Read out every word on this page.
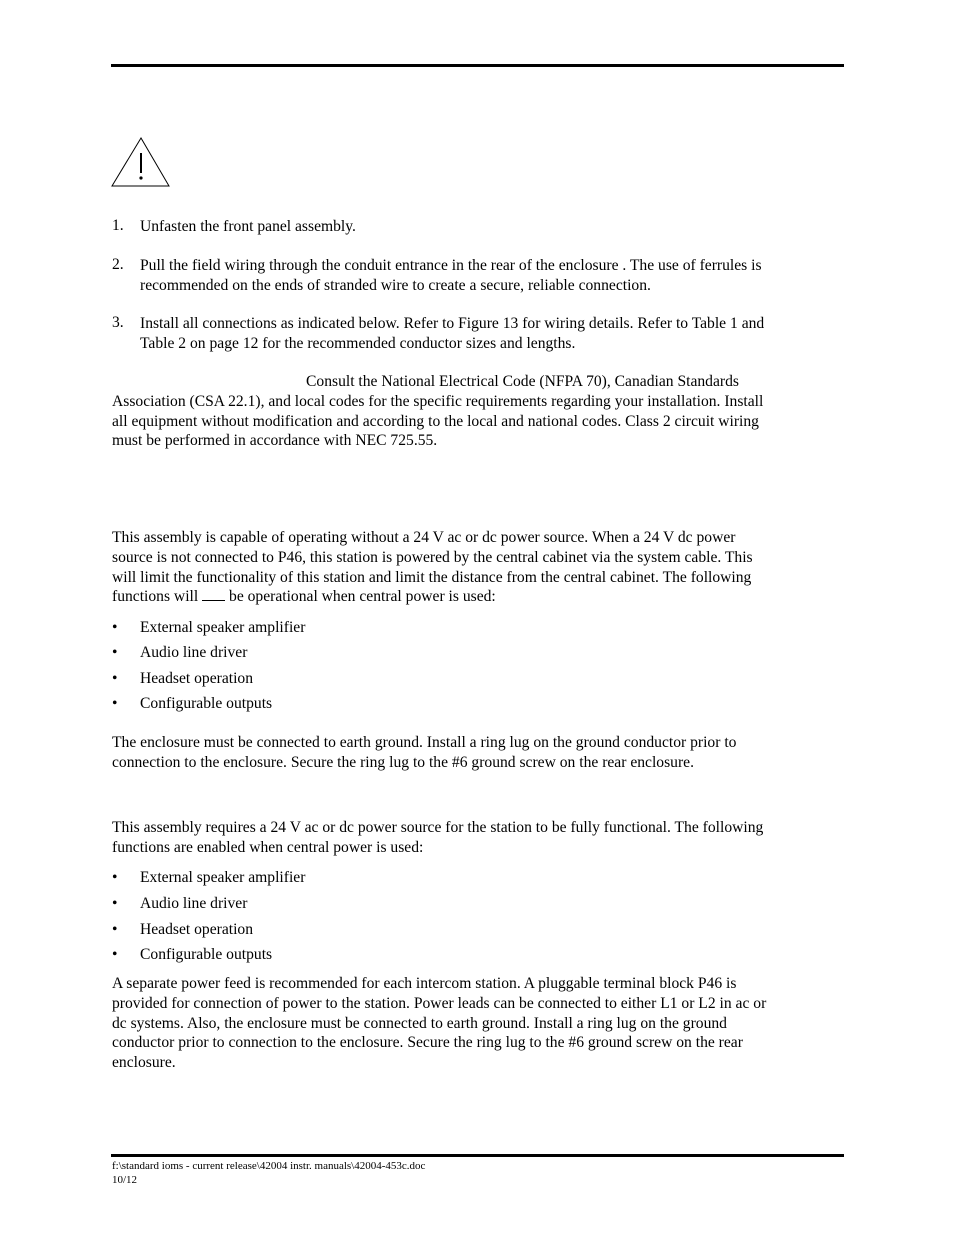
1. Unfasten the front panel assembly.
2. Pull the field wiring through the conduit entrance in the rear of the enclosure . The use of ferrules is
recommended on the ends of stranded wire to create a secure, reliable connection.
3. Install all connections as indicated below. Refer to Figure 13 for wiring details. Refer to Table 1 and
Table 2 on page 12 for the recommended conductor sizes and lengths.
Consult the National Electrical Code (NFPA 70), Canadian Standards
Association (CSA 22.1), and local codes for the specific requirements regarding your installation. Install
all equipment without modification and according to the local and national codes. Class 2 circuit wiring
must be performed in accordance with NEC 725.55.
This assembly is capable of operating without a 24 V ac or dc power source. When a 24 V dc power
source is not connected to P46, this station is powered by the central cabinet via the system cable. This
will limit the functionality of this station and limit the distance from the central cabinet. The following
functions will be operational when central power is used:
• External speaker amplifier
• Audio line driver
• Headset operation
• Configurable outputs
The enclosure must be connected to earth ground. Install a ring lug on the ground conductor prior to
connection to the enclosure. Secure the ring lug to the #6 ground screw on the rear enclosure.
This assembly requires a 24 V ac or dc power source for the station to be fully functional. The following
functions are enabled when central power is used:
• External speaker amplifier
• Audio line driver
• Headset operation
• Configurable outputs
A separate power feed is recommended for each intercom station. A pluggable terminal block P46 is
provided for connection of power to the station. Power leads can be connected to either L1 or L2 in ac or
dc systems. Also, the enclosure must be connected to earth ground. Install a ring lug on the ground
conductor prior to connection to the enclosure. Secure the ring lug to the #6 ground screw on the rear
enclosure.
f:\standard ioms - current release\42004 instr. manuals\42004-453c.doc
10/12
